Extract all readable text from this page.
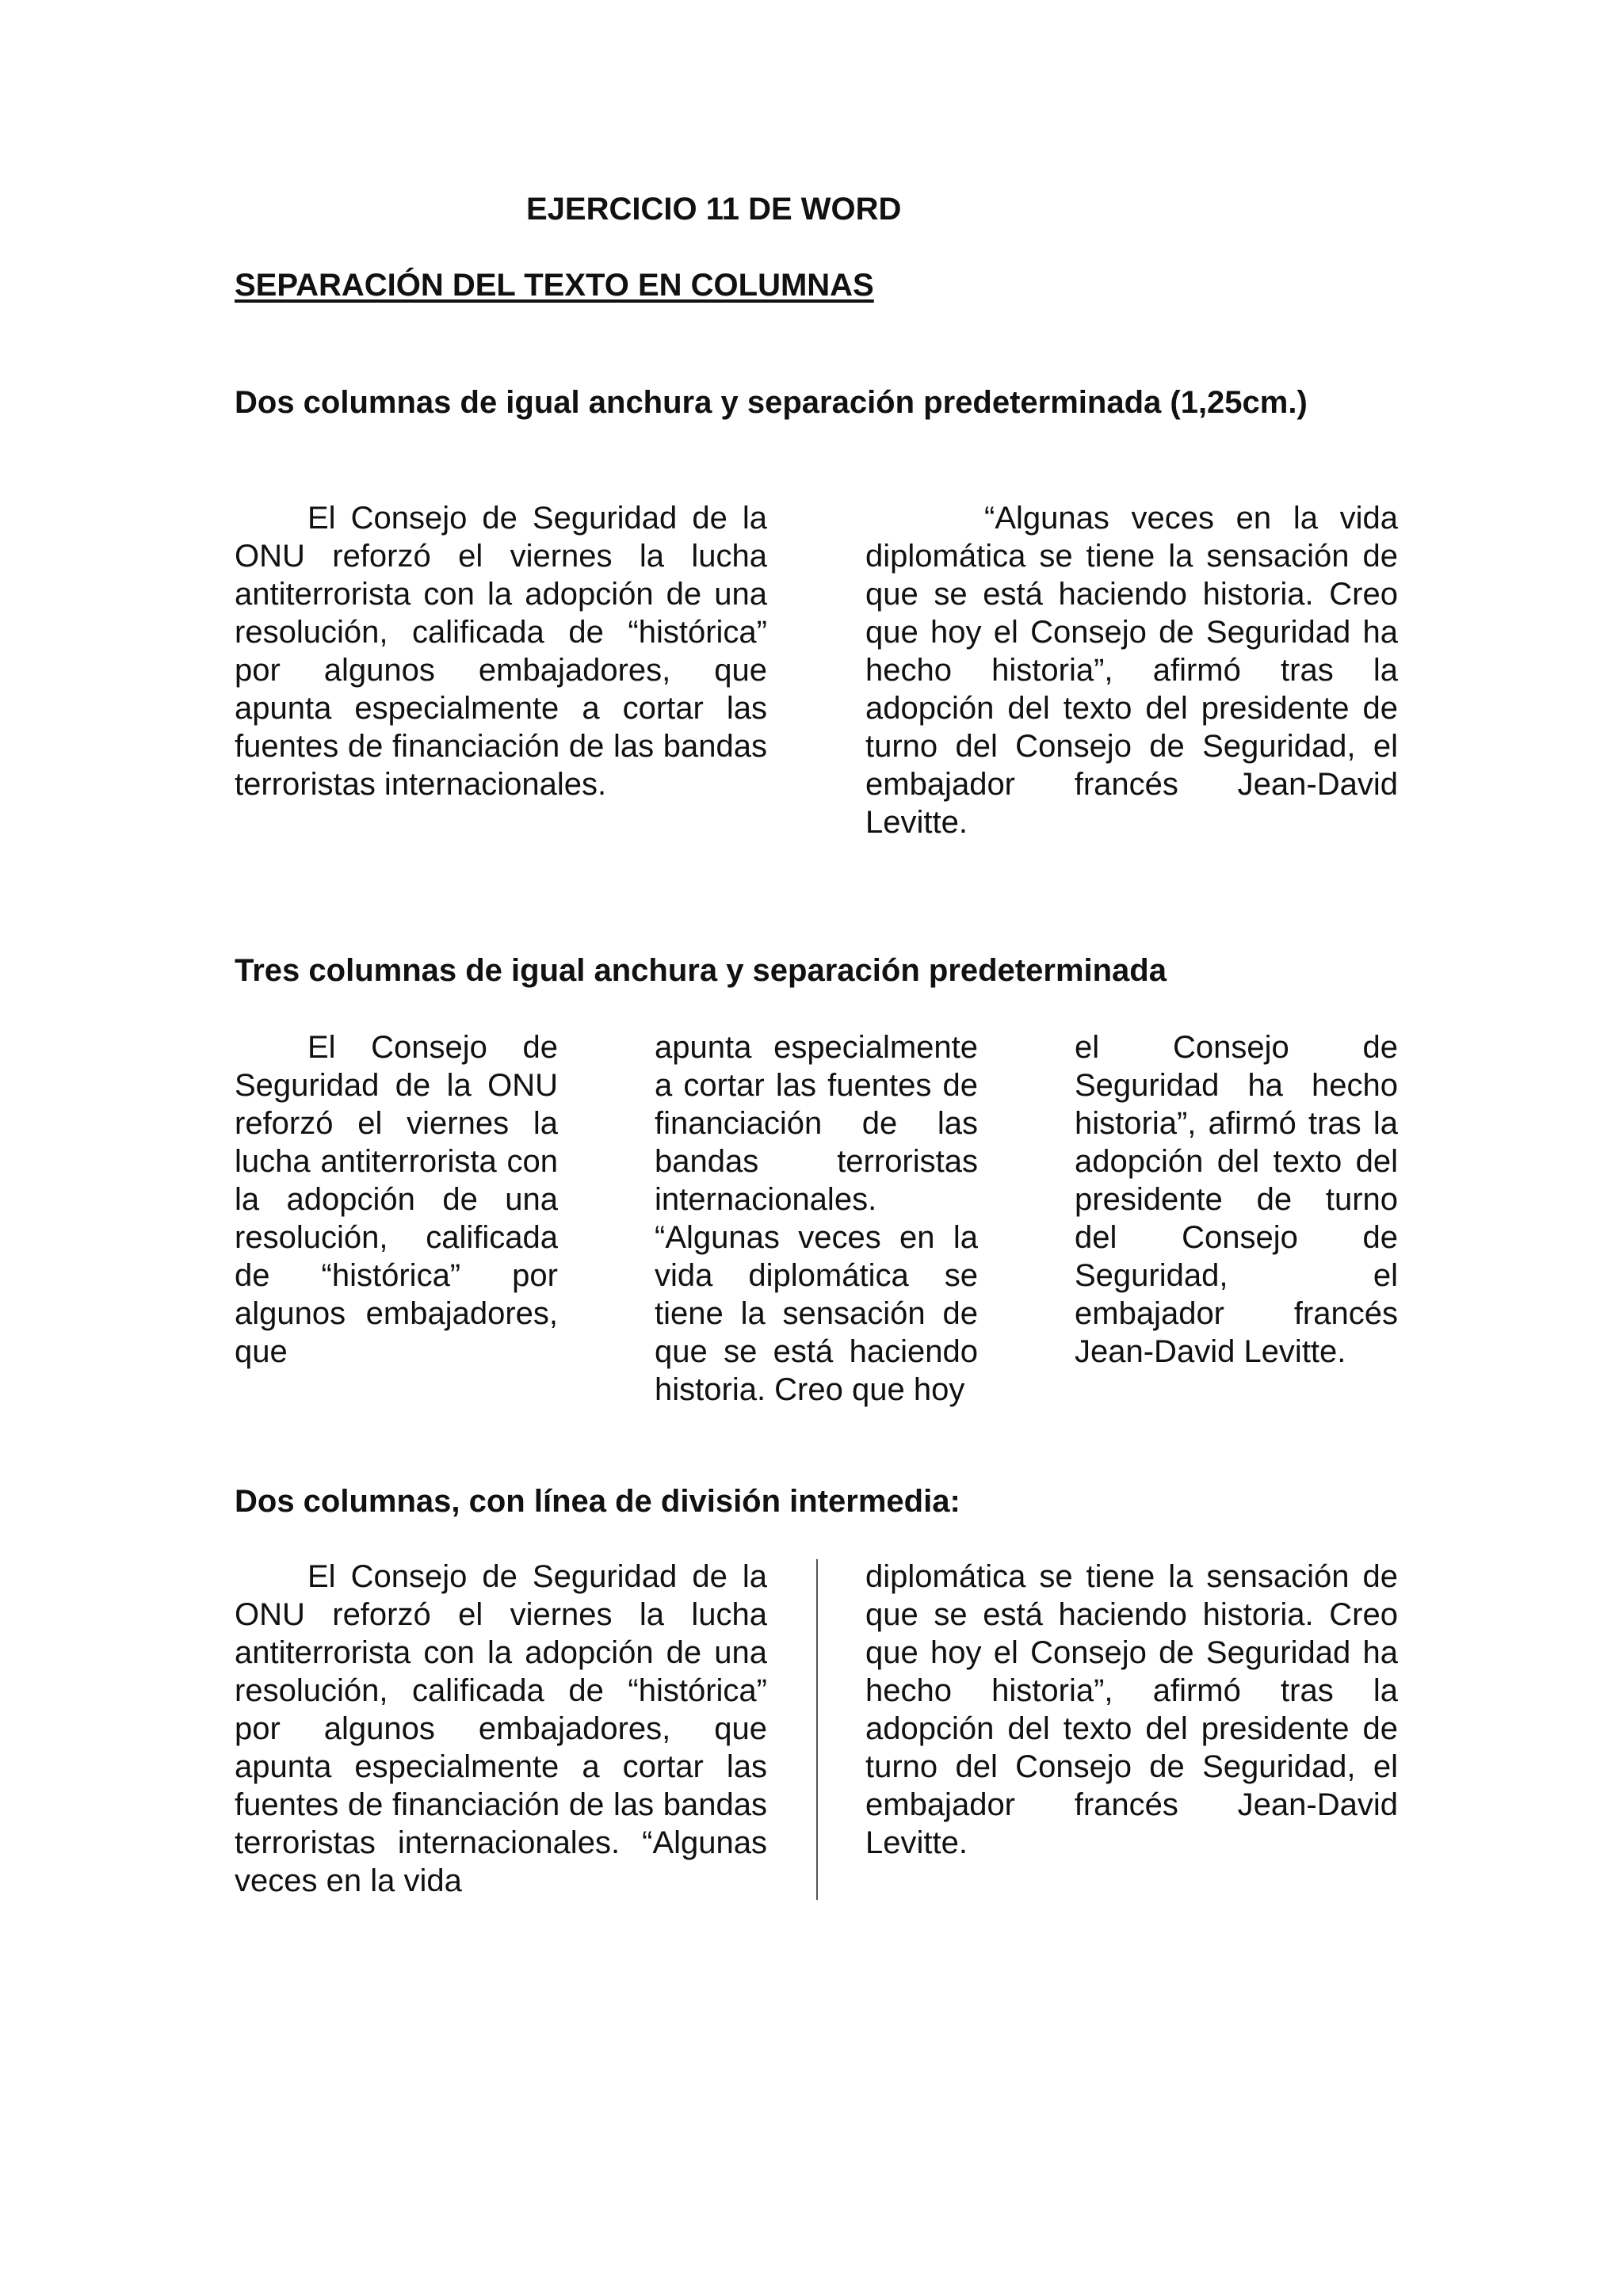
EJERCICIO 11 DE WORD
SEPARACIÓN DEL TEXTO EN COLUMNAS
Dos columnas de igual anchura y separación predeterminada (1,25cm.)

El Consejo de Seguridad de la ONU reforzó el viernes la lucha antiterrorista con la adopción de una resolución, calificada de “histórica” por algunos embajadores, que apunta especialmente a cortar las fuentes de financiación de las bandas terroristas internacionales.

“Algunas veces en la vida diplomática se tiene la sensación de que se está haciendo historia. Creo que hoy el Consejo de Seguridad ha hecho historia”, afirmó tras la adopción del texto del presidente de turno del Consejo de Seguridad, el embajador francés Jean-David Levitte.

Tres columnas de igual anchura y separación predeterminada

El Consejo de Seguridad de la ONU reforzó el viernes la lucha antiterrorista con la adopción de una resolución, calificada de “histórica” por algunos embajadores, que

apunta especialmente a cortar las fuentes de financiación de las bandas terroristas internacionales. “Algunas veces en la vida diplomática se tiene la sensación de que se está haciendo historia. Creo que hoy

el Consejo de Seguridad ha hecho historia”, afirmó tras la adopción del texto del presidente de turno del Consejo de Seguridad, el embajador francés Jean-David Levitte.

Dos columnas, con línea de división intermedia:

El Consejo de Seguridad de la ONU reforzó el viernes la lucha antiterrorista con la adopción de una resolución, calificada de “histórica” por algunos embajadores, que apunta especialmente a cortar las fuentes de financiación de las bandas terroristas internacionales. “Algunas veces en la vida

diplomática se tiene la sensación de que se está haciendo historia. Creo que hoy el Consejo de Seguridad ha hecho historia”, afirmó tras la adopción del texto del presidente de turno del Consejo de Seguridad, el embajador francés Jean-David Levitte.
